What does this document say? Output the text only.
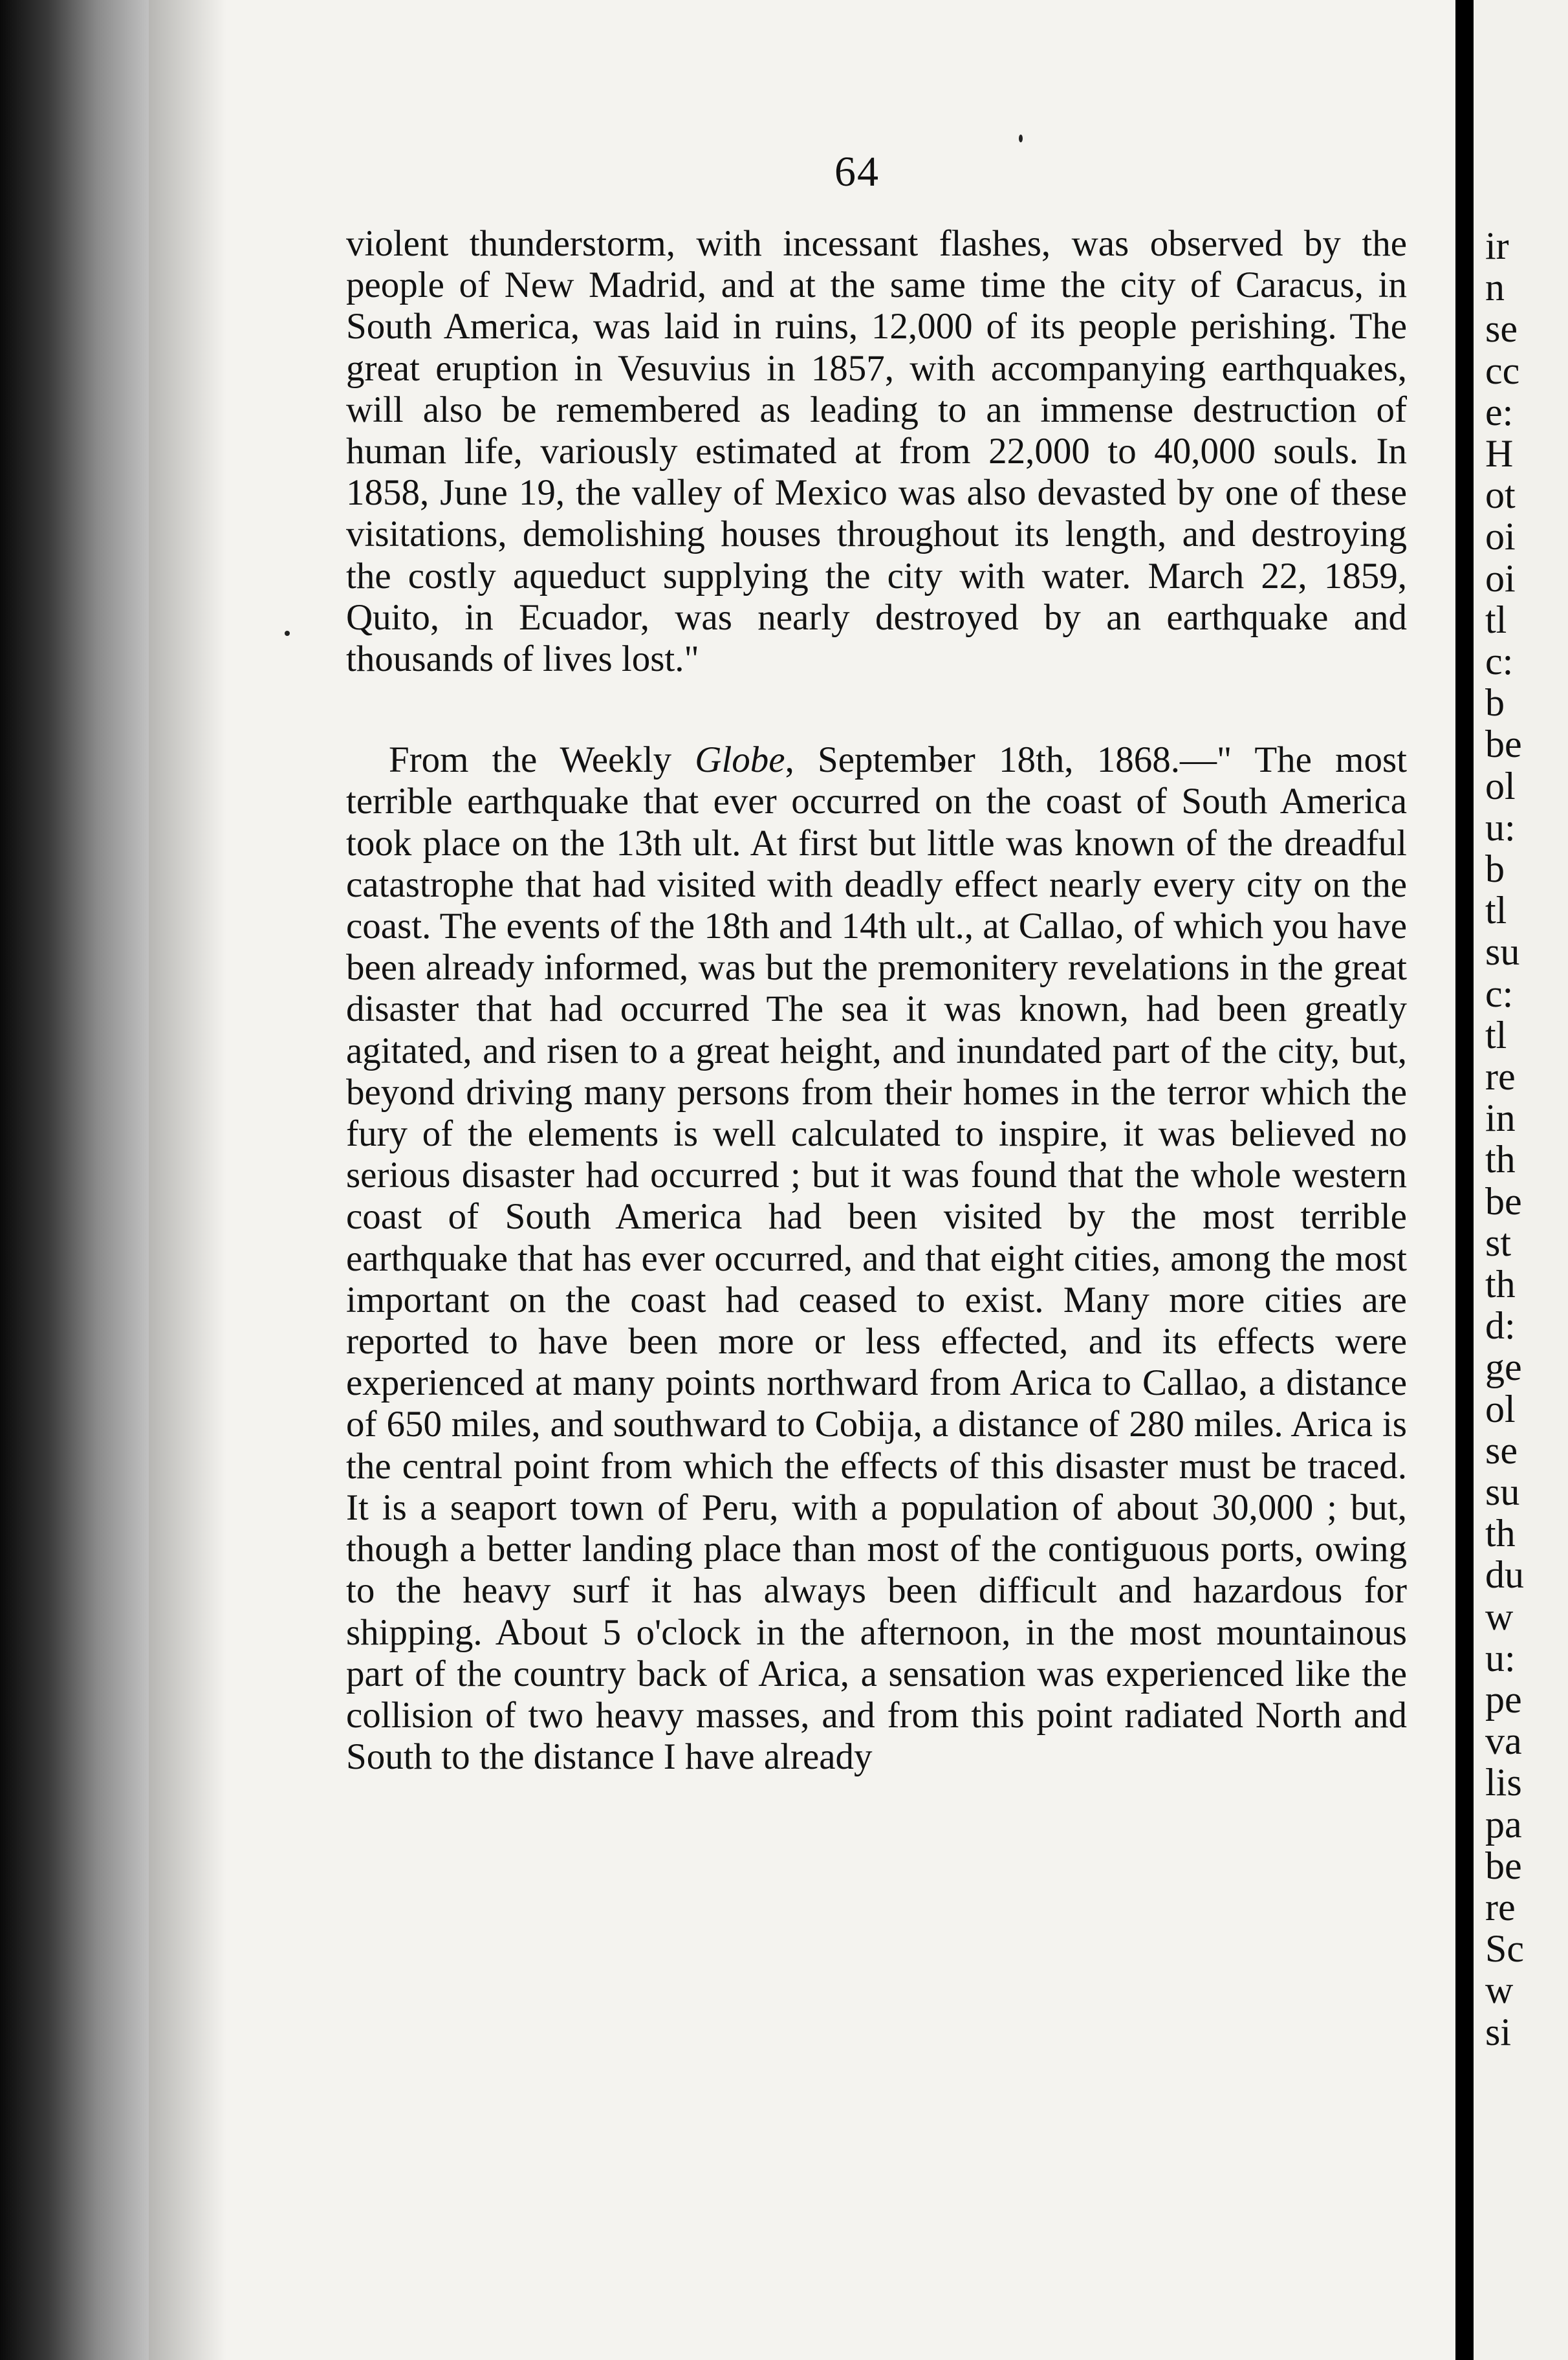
ir
n
se
cc
e:
H
ot
oi
oi
tl
c:
b
be
ol
u:
b
tl
su
c:
tl
re
in
th
be
st
th
d:
ge
ol
se
su
th
du
w
u:
pe
va
lis
pa
be
re
Sc
w
si
64

violent thunderstorm, with incessant flashes, was observed by the people of New Madrid, and at the same time the city of Caracus, in South America, was laid in ruins, 12,000 of its people perishing. The great eruption in Vesuvius in 1857, with accompanying earthquakes, will also be remembered as leading to an immense destruction of human life, variously estimated at from 22,000 to 40,000 souls. In 1858, June 19, the valley of Mexico was also devasted by one of these visitations, demolishing houses throughout its length, and destroying the costly aqueduct supplying the city with water. March 22, 1859, Quito, in Ecuador, was nearly destroyed by an earthquake and thousands of lives lost."

From the Weekly Globe, September 18th, 1868.—" The most terrible earthquake that ever occurred on the coast of South America took place on the 13th ult. At first but little was known of the dreadful catastrophe that had visited with deadly effect nearly every city on the coast. The events of the 18th and 14th ult., at Callao, of which you have been already informed, was but the premonitery revelations in the great disaster that had occurred The sea it was known, had been greatly agitated, and risen to a great height, and inundated part of the city, but, beyond driving many persons from their homes in the terror which the fury of the elements is well calculated to inspire, it was believed no serious disaster had occurred ; but it was found that the whole western coast of South America had been visited by the most terrible earthquake that has ever occurred, and that eight cities, among the most important on the coast had ceased to exist. Many more cities are reported to have been more or less effected, and its effects were experienced at many points northward from Arica to Callao, a distance of 650 miles, and southward to Cobija, a distance of 280 miles. Arica is the central point from which the effects of this disaster must be traced. It is a seaport town of Peru, with a population of about 30,000 ; but, though a better landing place than most of the contiguous ports, owing to the heavy surf it has always been difficult and hazardous for shipping. About 5 o'clock in the afternoon, in the most mountainous part of the country back of Arica, a sensation was experienced like the collision of two heavy masses, and from this point radiated North and South to the distance I have already
